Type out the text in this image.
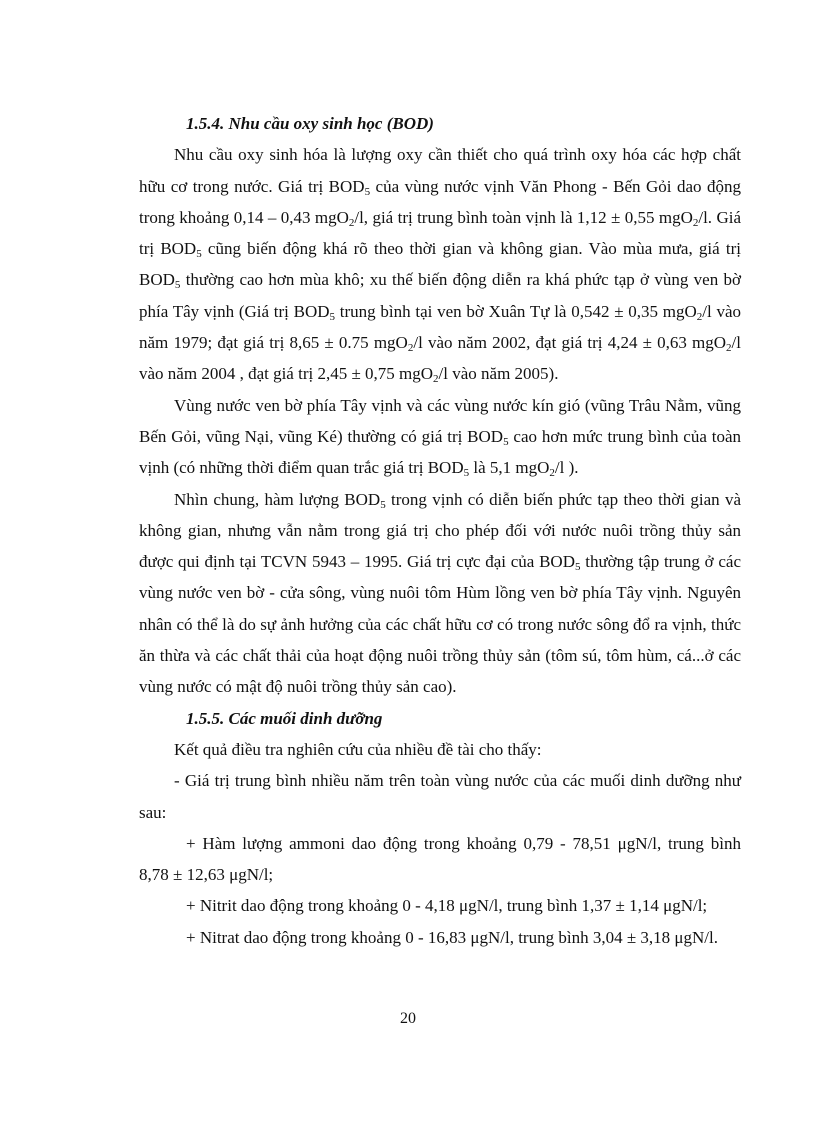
1.5.4. Nhu cầu oxy sinh học (BOD)

Nhu cầu oxy sinh hóa là lượng oxy cần thiết cho quá trình oxy hóa các hợp chất hữu cơ trong nước. Giá trị $BOD_5$ của vùng nước vịnh Văn Phong - Bến Gỏi dao động trong khoảng 0,14 – 0,43 mgO$_2$/l, giá trị trung bình toàn vịnh là 1,12 ± 0,55 mgO$_2$/l. Giá trị $BOD_5$ cũng biến động khá rõ theo thời gian và không gian. Vào mùa mưa, giá trị $BOD_5$ thường cao hơn mùa khô; xu thế biến động diễn ra khá phức tạp ở vùng ven bờ phía Tây vịnh (Giá trị $BOD_5$ trung bình tại ven bờ Xuân Tự là 0,542 ± 0,35 mgO$_2$/l vào năm 1979; đạt giá trị 8,65 ± 0.75 mgO$_2$/l vào năm 2002, đạt giá trị 4,24 ± 0,63 mgO$_2$/l vào năm 2004 , đạt giá trị 2,45 ± 0,75 mgO$_2$/l vào năm 2005).

Vùng nước ven bờ phía Tây vịnh và các vùng nước kín gió (vũng Trâu Nằm, vũng Bến Gỏi, vũng Nại, vũng Ké) thường có giá trị $BOD_5$ cao hơn mức trung bình của toàn vịnh (có những thời điểm quan trắc giá trị $BOD_5$ là 5,1 mgO$_2$/l ).

Nhìn chung, hàm lượng $BOD_5$ trong vịnh có diễn biến phức tạp theo thời gian và không gian, nhưng vẫn nằm trong giá trị cho phép đối với nước nuôi trồng thủy sản được qui định tại TCVN 5943 – 1995. Giá trị cực đại của $BOD_5$ thường tập trung ở các vùng nước ven bờ - cửa sông, vùng nuôi tôm Hùm lồng ven bờ phía Tây vịnh. Nguyên nhân có thể là do sự ảnh hưởng của các chất hữu cơ có trong nước sông đổ ra vịnh, thức ăn thừa và các chất thải của hoạt động nuôi trồng thủy sản (tôm sú, tôm hùm, cá...ở các vùng nước có mật độ nuôi trồng thủy sản cao).

1.5.5. Các muối dinh dưỡng

Kết quả điều tra nghiên cứu của nhiều đề tài cho thấy:

- Giá trị trung bình nhiều năm trên toàn vùng nước của các muối dinh dưỡng như sau:

+ Hàm lượng ammoni dao động trong khoảng 0,79 - 78,51 μgN/l, trung bình 8,78 ± 12,63 μgN/l;

+ Nitrit dao động trong khoảng 0 - 4,18 μgN/l, trung bình 1,37 ± 1,14 μgN/l;

+ Nitrat dao động trong khoảng 0 - 16,83 μgN/l, trung bình 3,04 ± 3,18 μgN/l.

20
